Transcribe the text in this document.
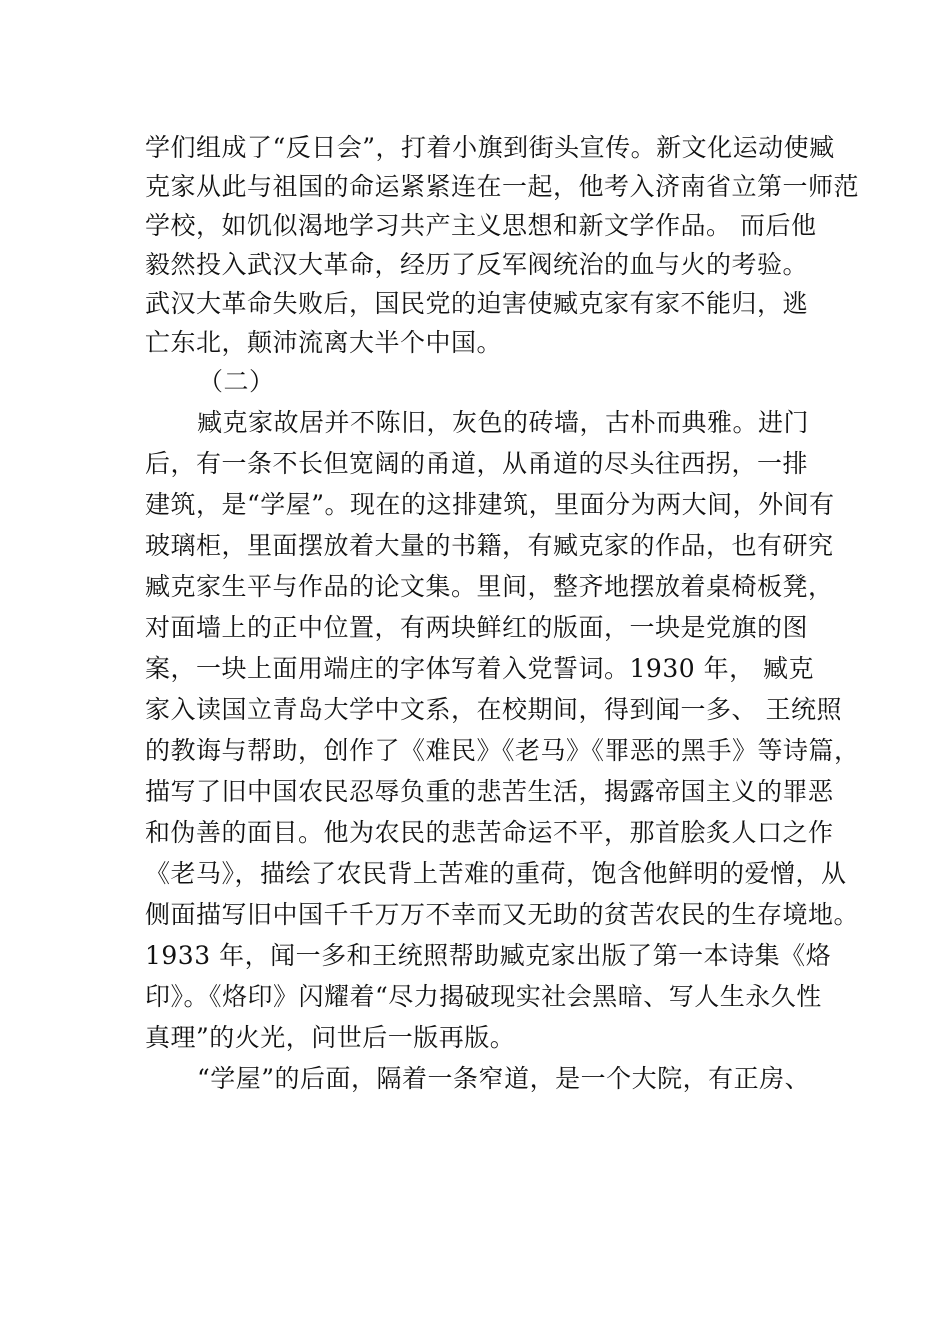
学们组成了“反日会”，打着小旗到街头宣传。新文化运动使臧
克家从此与祖国的命运紧紧连在一起，他考入济南省立第一师范
学校，如饥似渴地学习共产主义思想和新文学作品。 而后他
毅然投入武汉大革命，经历了反军阀统治的血与火的考验。
武汉大革命失败后，国民党的迫害使臧克家有家不能归，逃
亡东北，颠沛流离大半个中国。
（二）
臧克家故居并不陈旧，灰色的砖墙，古朴而典雅。进门
后，有一条不长但宽阔的甬道，从甬道的尽头往西拐，一排
建筑，是“学屋”。现在的这排建筑，里面分为两大间，外间有
玻璃柜，里面摆放着大量的书籍，有臧克家的作品，也有研究
臧克家生平与作品的论文集。里间，整齐地摆放着桌椅板凳，
对面墙上的正中位置，有两块鲜红的版面，一块是党旗的图
案，一块上面用端庄的字体写着入党誓词。1930 年， 臧克
家入读国立青岛大学中文系，在校期间，得到闻一多、 王统照
的教诲与帮助，创作了《难民》《老马》《罪恶的黑手》等诗篇，
描写了旧中国农民忍辱负重的悲苦生活，揭露帝国主义的罪恶
和伪善的面目。他为农民的悲苦命运不平，那首脍炙人口之作
《老马》，描绘了农民背上苦难的重荷，饱含他鲜明的爱憎，从
侧面描写旧中国千千万万不幸而又无助的贫苦农民的生存境地。
1933 年，闻一多和王统照帮助臧克家出版了第一本诗集《烙
印》。《烙印》闪耀着“尽力揭破现实社会黑暗、写人生永久性
真理”的火光，问世后一版再版。
“学屋”的后面，隔着一条窄道，是一个大院，有正房、
